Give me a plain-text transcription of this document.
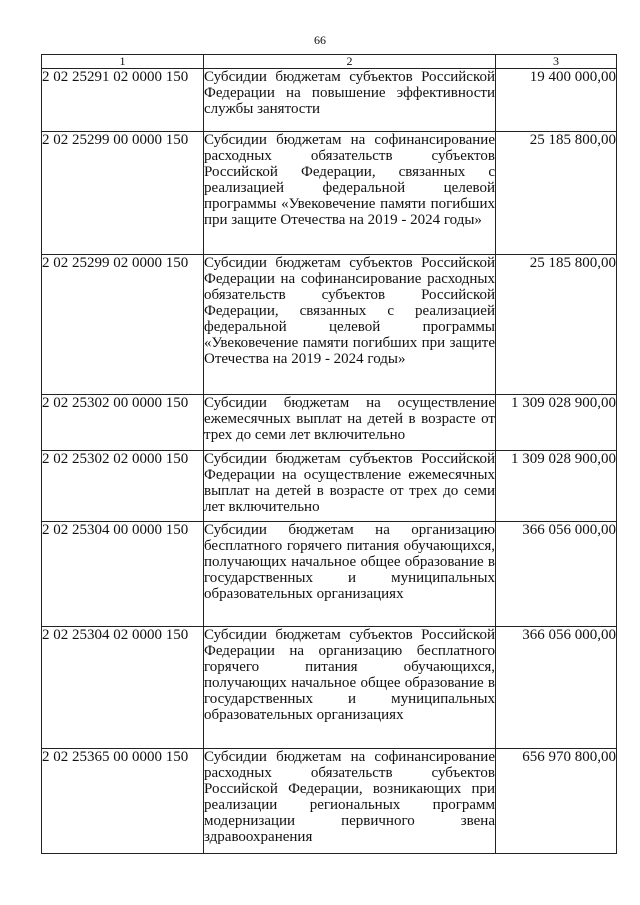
66
1	2	3
2 02 25291 02 0000 150	Субсидии бюджетам субъектов Российской Федерации на повышение эффективности службы занятости	19 400 000,00
2 02 25299 00 0000 150	Субсидии бюджетам на софинансирование расходных обязательств субъектов Российской Федерации, связанных с реализацией федеральной целевой программы «Увековечение памяти погибших при защите Отечества на 2019 - 2024 годы»	25 185 800,00
2 02 25299 02 0000 150	Субсидии бюджетам субъектов Российской Федерации на софинансирование расходных обязательств субъектов Российской Федерации, связанных с реализацией федеральной целевой программы «Увековечение памяти погибших при защите Отечества на 2019 - 2024 годы»	25 185 800,00
2 02 25302 00 0000 150	Субсидии бюджетам на осуществление ежемесячных выплат на детей в возрасте от трех до семи лет включительно	1 309 028 900,00
2 02 25302 02 0000 150	Субсидии бюджетам субъектов Российской Федерации на осуществление ежемесячных выплат на детей в возрасте от трех до семи лет включительно	1 309 028 900,00
2 02 25304 00 0000 150	Субсидии бюджетам на организацию бесплатного горячего питания обучающихся, получающих начальное общее образование в государственных и муниципальных образовательных организациях	366 056 000,00
2 02 25304 02 0000 150	Субсидии бюджетам субъектов Российской Федерации на организацию бесплатного горячего питания обучающихся, получающих начальное общее образование в государственных и муниципальных образовательных организациях	366 056 000,00
2 02 25365 00 0000 150	Субсидии бюджетам на софинансирование расходных обязательств субъектов Российской Федерации, возникающих при реализации региональных программ модернизации первичного звена здравоохранения	656 970 800,00
